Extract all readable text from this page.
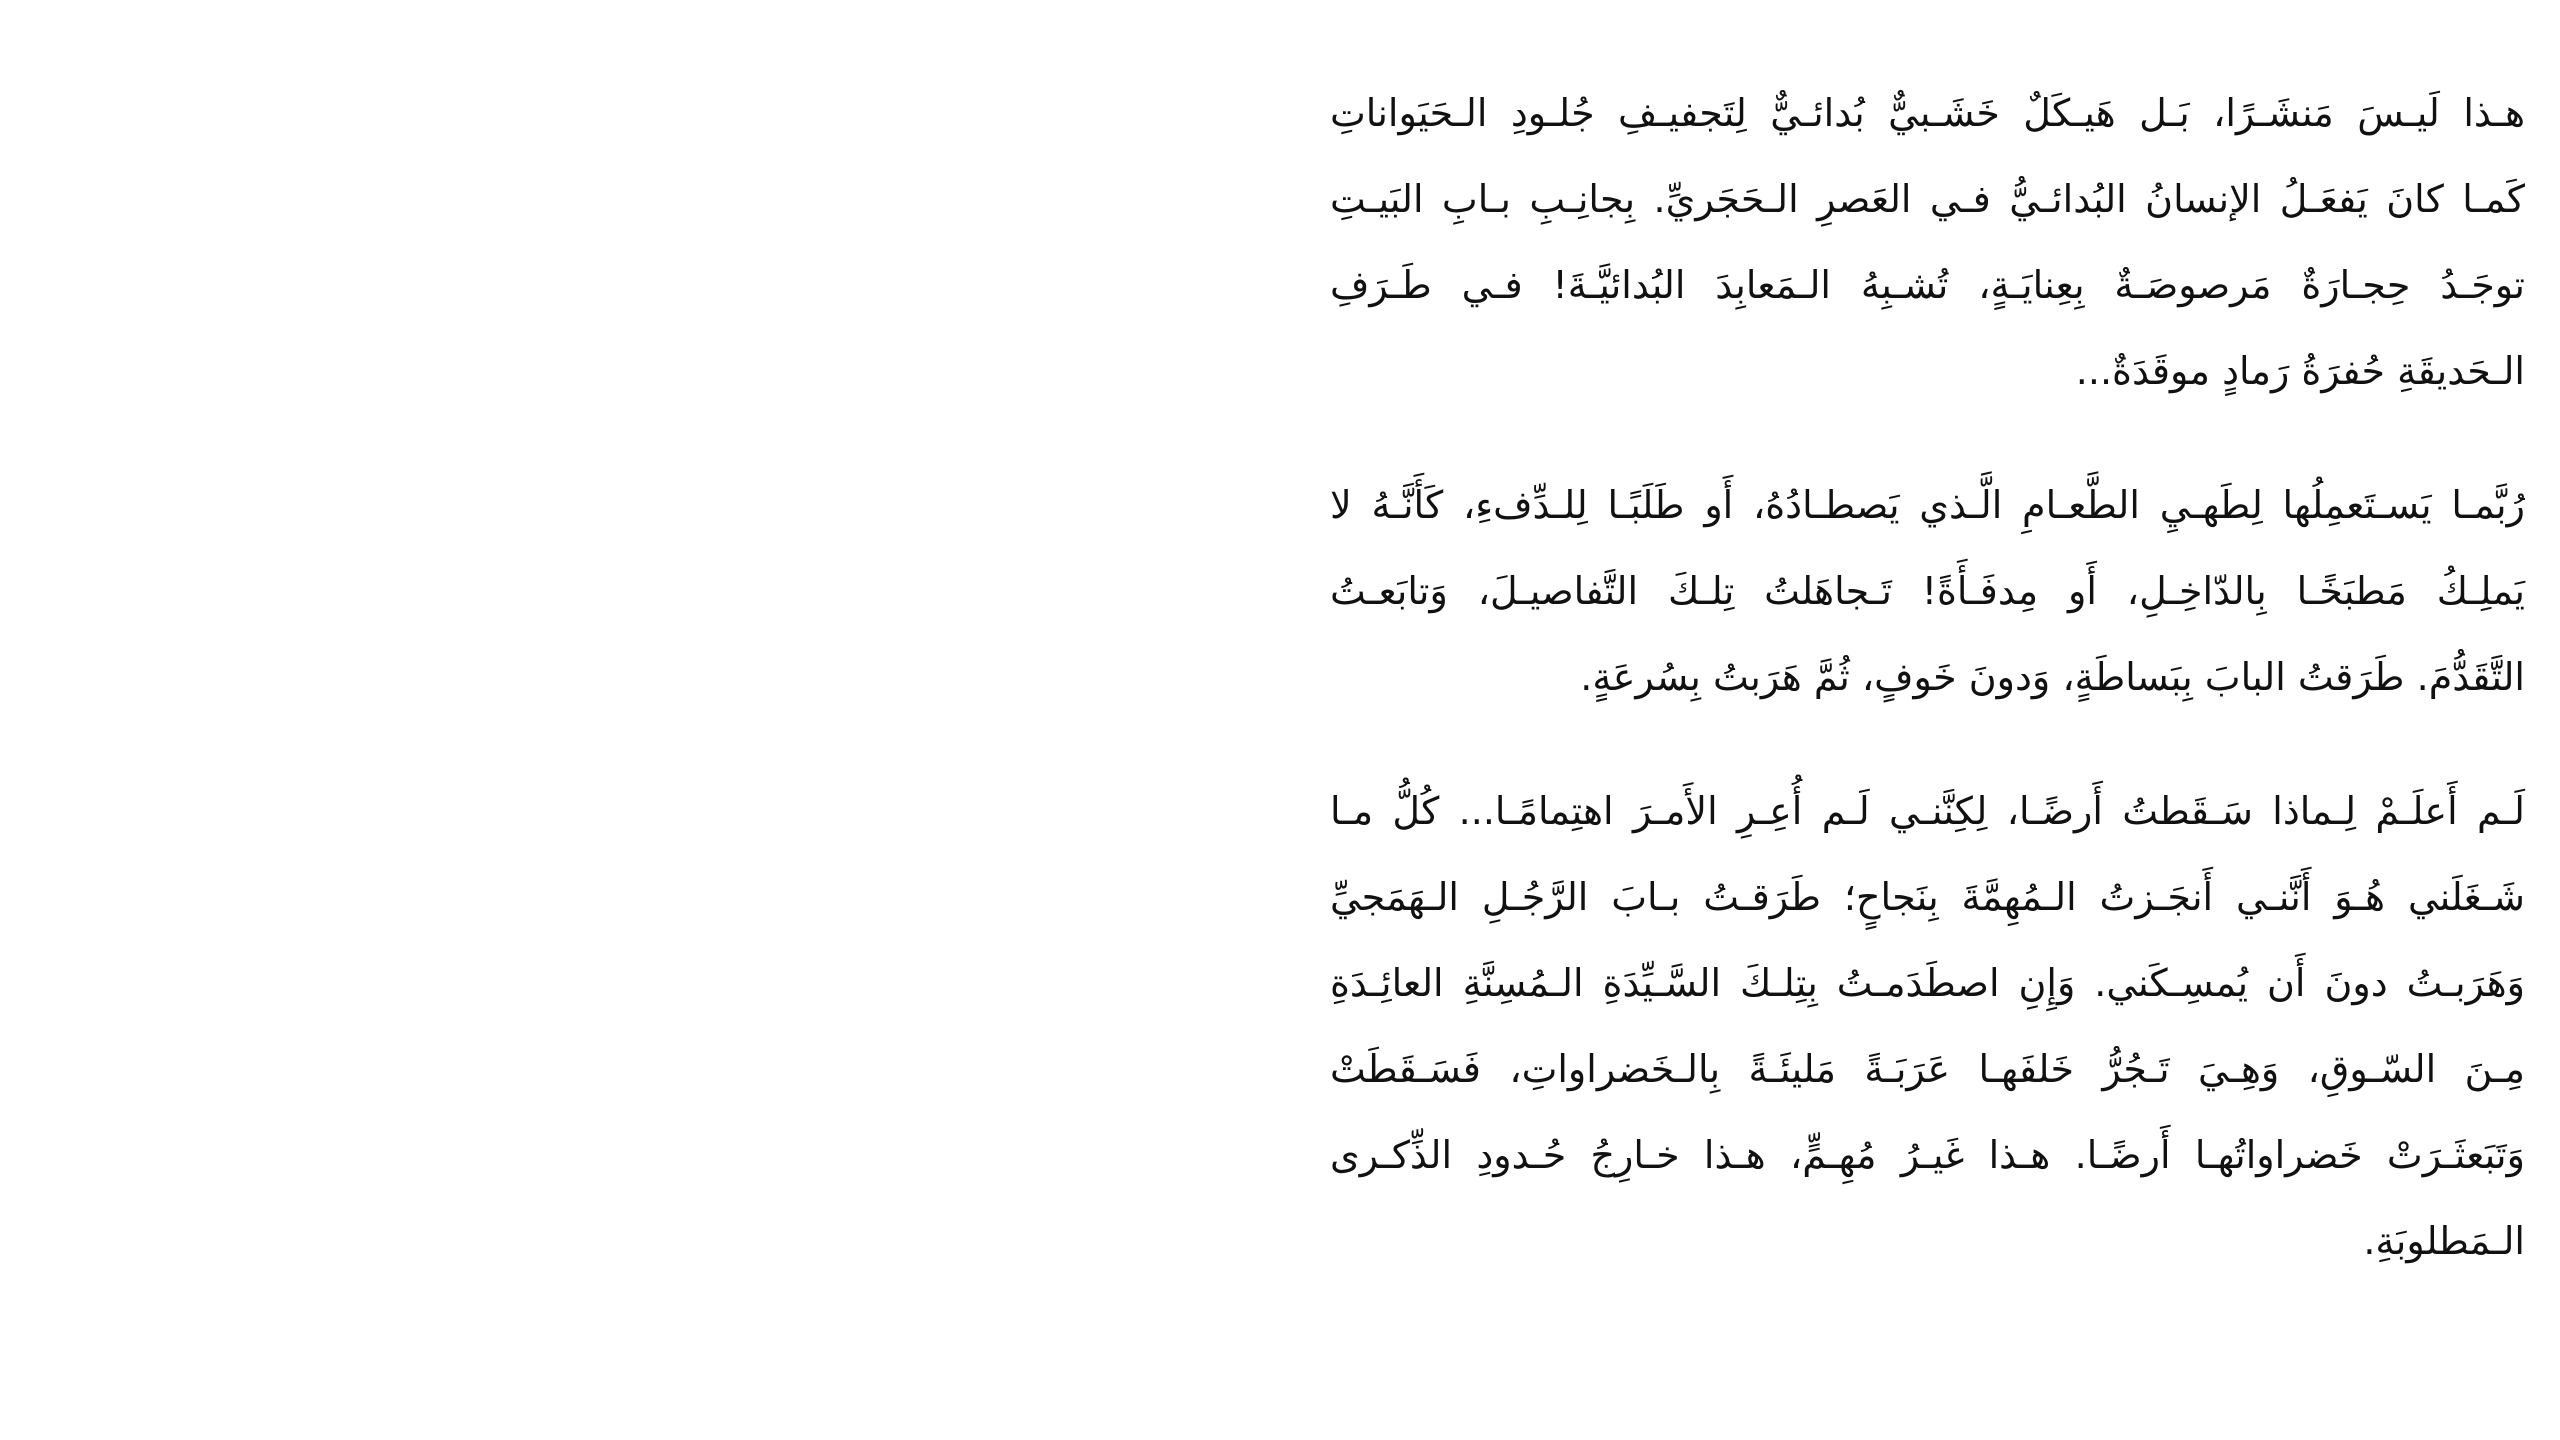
هـذا لَيـسَ مَنشَـرًا، بَـل هَيـكَلٌ خَشَـبيٌّ بُدائـيٌّ لِتَجفيـفِ جُلـودِ الـحَيَواناتِ
كَمـا كانَ يَفعَـلُ الإنسانُ البُدائـيُّ فـي العَصرِ الـحَجَريِّ. بِجانِـبِ بـابِ البَيـتِ
توجَـدُ حِجـارَةٌ مَرصوصَـةٌ بِعِنايَـةٍ، تُشـبِهُ الـمَعابِدَ البُدائيَّـةَ! فـي طَـرَفِ
الـحَديقَةِ حُفرَةُ رَمادٍ موقَدَةٌ...
رُبَّمـا يَسـتَعمِلُها لِطَهـيِ الطَّعـامِ الَّـذي يَصطـادُهُ، أَو طَلَبًـا لِلـدِّفءِ، كَأَنَّـهُ لا
يَملِـكُ مَطبَخًـا بِالدّاخِـلِ، أَو مِدفَـأَةً! تَـجاهَلتُ تِلـكَ التَّفاصيـلَ، وَتابَعـتُ
التَّقَدُّمَ. طَرَقتُ البابَ بِبَساطَةٍ، وَدونَ خَوفٍ، ثُمَّ هَرَبتُ بِسُرعَةٍ.
لَـم أَعلَـمْ لِـماذا سَـقَطتُ أَرضًـا، لِكِنَّنـي لَـم أُعِـرِ الأَمـرَ اهتِمامًـا... كُلُّ مـا
شَـغَلَني هُـوَ أَنَّنـي أَنجَـزتُ الـمُهِمَّةَ بِنَجاحٍ؛ طَرَقـتُ بـابَ الرَّجُـلِ الـهَمَجيِّ
وَهَرَبـتُ دونَ أَن يُمسِـكَني. وَإِنِ اصطَدَمـتُ بِتِلـكَ السَّـيِّدَةِ الـمُسِنَّةِ العائِـدَةِ
مِـنَ السّـوقِ، وَهِـيَ تَـجُرُّ خَلفَهـا عَرَبَـةً مَليئَـةً بِالـخَضراواتِ، فَسَـقَطَتْ
وَتَبَعثَـرَتْ خَضراواتُهـا أَرضًـا. هـذا غَيـرُ مُهِـمٍّ، هـذا خـارِجُ حُـدودِ الذِّكـرى
الـمَطلوبَةِ.
